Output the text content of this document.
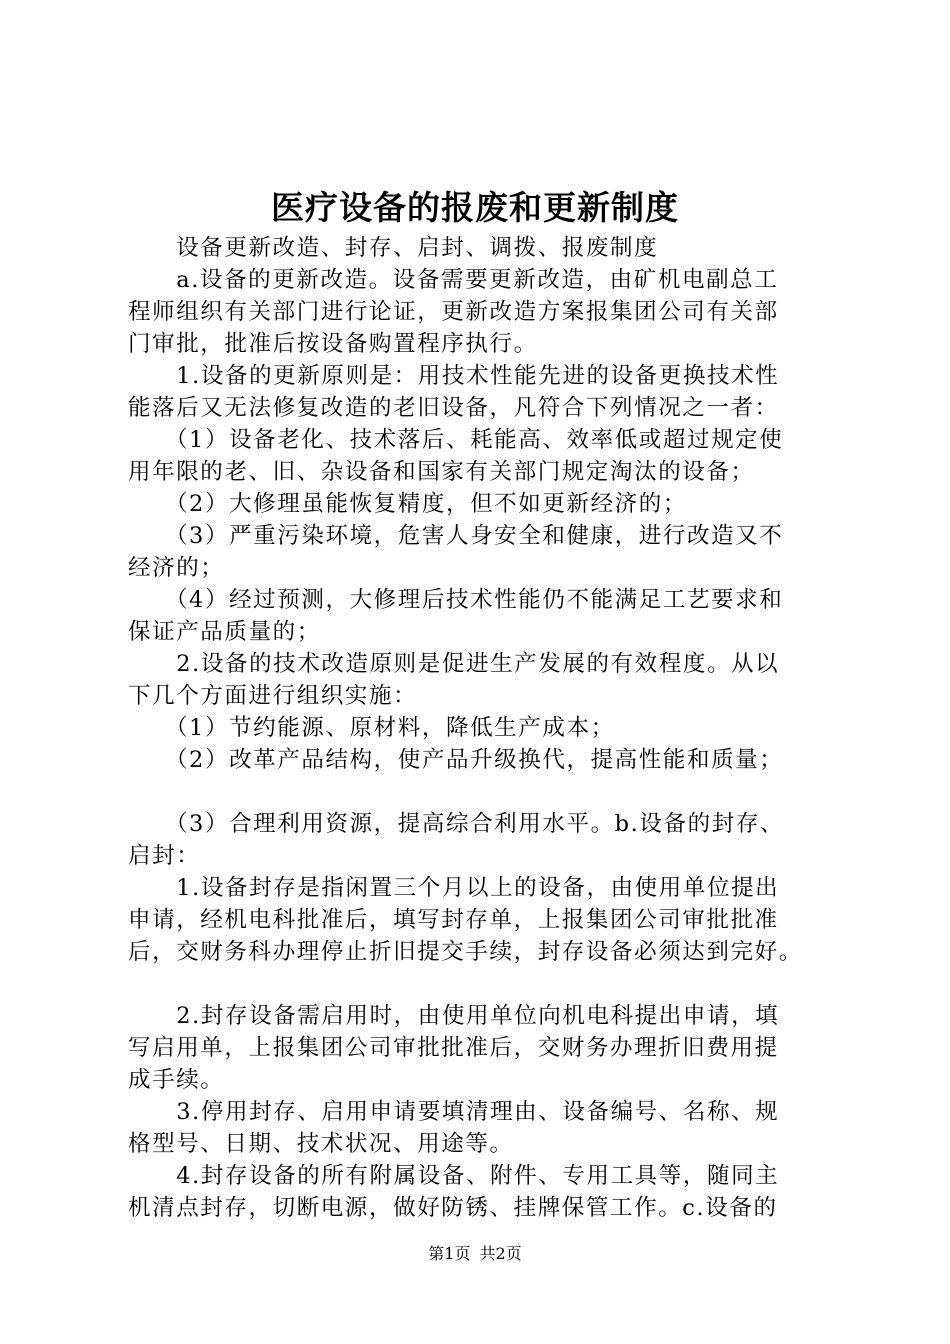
医疗设备的报废和更新制度
　　设备更新改造、封存、启封、调拨、报废制度
　　a.设备的更新改造。设备需要更新改造，由矿机电副总工
程师组织有关部门进行论证，更新改造方案报集团公司有关部
门审批，批准后按设备购置程序执行。
　　1.设备的更新原则是：用技术性能先进的设备更换技术性
能落后又无法修复改造的老旧设备，凡符合下列情况之一者：
　　（1）设备老化、技术落后、耗能高、效率低或超过规定使
用年限的老、旧、杂设备和国家有关部门规定淘汰的设备；
　　（2）大修理虽能恢复精度，但不如更新经济的；
　　（3）严重污染环境，危害人身安全和健康，进行改造又不
经济的；
　　（4）经过预测，大修理后技术性能仍不能满足工艺要求和
保证产品质量的；
　　2.设备的技术改造原则是促进生产发展的有效程度。从以
下几个方面进行组织实施：
　　（1）节约能源、原材料，降低生产成本；
　　（2）改革产品结构，使产品升级换代，提高性能和质量；
　　（3）合理利用资源，提高综合利用水平。b.设备的封存、
启封：
　　1.设备封存是指闲置三个月以上的设备，由使用单位提出
申请，经机电科批准后，填写封存单，上报集团公司审批批准
后，交财务科办理停止折旧提交手续，封存设备必须达到完好。
　　2.封存设备需启用时，由使用单位向机电科提出申请，填
写启用单，上报集团公司审批批准后，交财务办理折旧费用提
成手续。
　　3.停用封存、启用申请要填清理由、设备编号、名称、规
格型号、日期、技术状况、用途等。
　　4.封存设备的所有附属设备、附件、专用工具等，随同主
机清点封存，切断电源，做好防锈、挂牌保管工作。c.设备的
第1页 共2页
